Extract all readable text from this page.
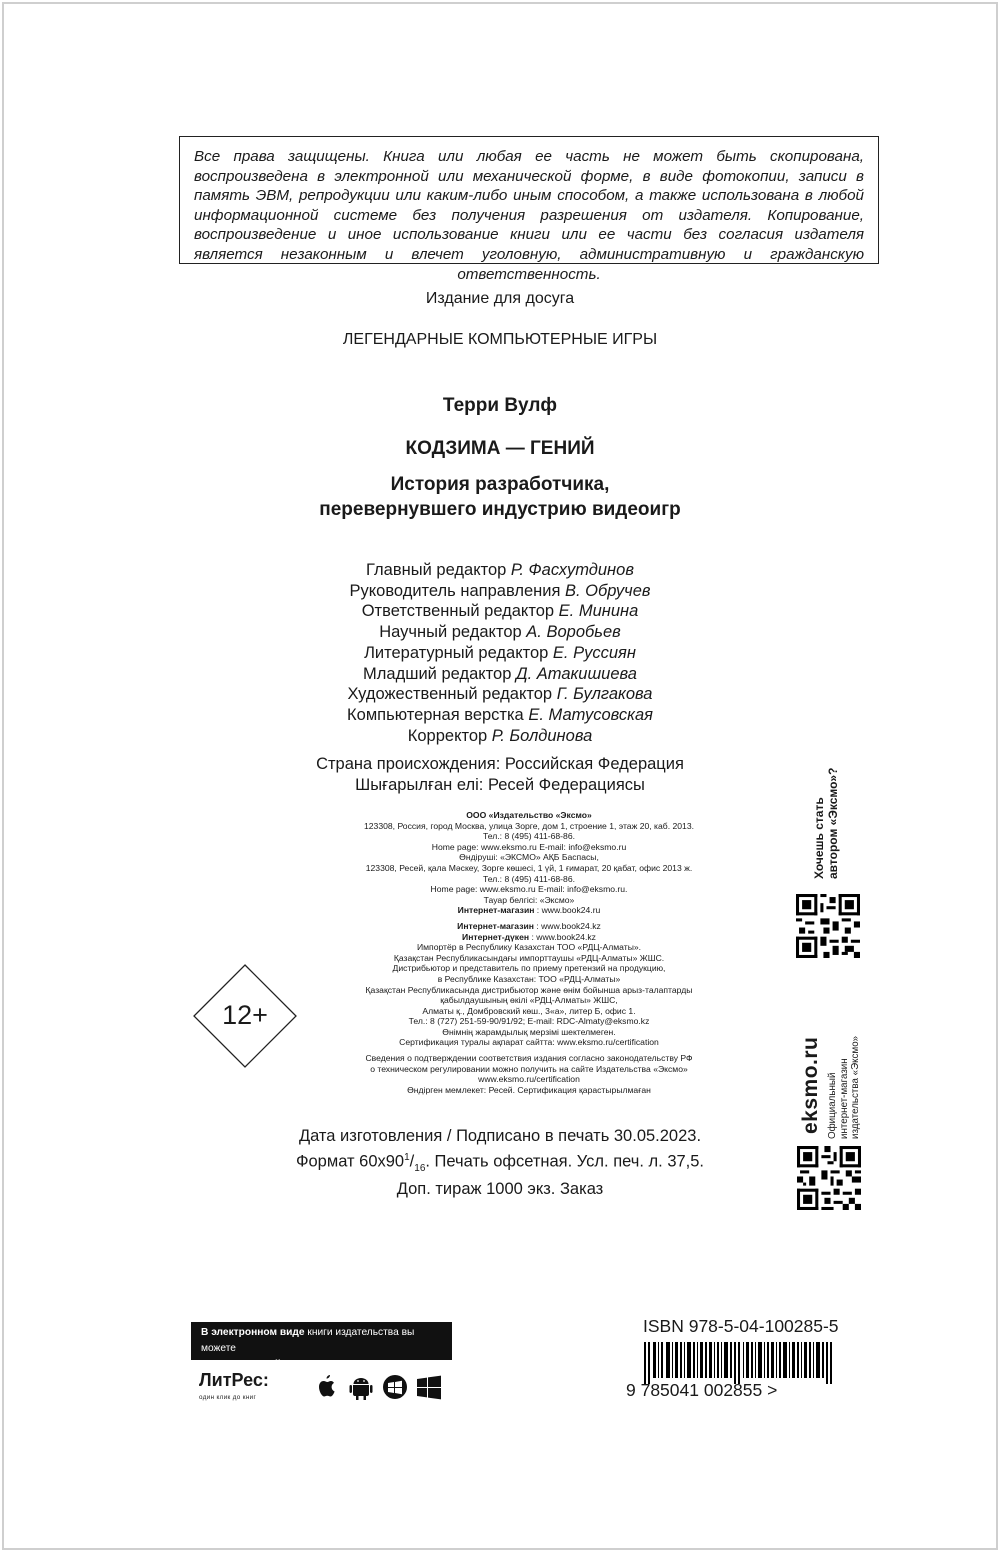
Все права защищены. Книга или любая ее часть не может быть скопирована, воспроизведена в электронной или механической форме, в виде фотокопии, записи в память ЭВМ, репродукции или каким-либо иным способом, а также использована в любой информационной системе без получения разрешения от издателя. Копирование, воспроизведение и иное использование книги или ее части без согласия издателя является незаконным и влечет уголовную, административную и гражданскую ответственность.
Издание для досуга
ЛЕГЕНДАРНЫЕ КОМПЬЮТЕРНЫЕ ИГРЫ
Терри Вулф
КОДЗИМА — ГЕНИЙ
История разработчика,
перевернувшего индустрию видеоигр
Главный редактор Р. Фасхутдинов
Руководитель направления В. Обручев
Ответственный редактор Е. Минина
Научный редактор А. Воробьев
Литературный редактор Е. Руссиян
Младший редактор Д. Атакишиева
Художественный редактор Г. Булгакова
Компьютерная верстка Е. Матусовская
Корректор Р. Болдинова
Страна происхождения: Российская Федерация
Шығарылған елі: Ресей Федерациясы
ООО «Издательство «Эксмо»
123308, Россия, город Москва, улица Зорге, дом 1, строение 1, этаж 20, каб. 2013.
Тел.: 8 (495) 411-68-86.
Home page: www.eksmo.ru E-mail: info@eksmo.ru
Өндіруші: «ЭКСМО» АҚБ Баспасы,
123308, Ресей, қала Мәскеу, Зорге көшесі, 1 үй, 1 ғимарат, 20 қабат, офис 2013 ж.
Тел.: 8 (495) 411-68-86.
Home page: www.eksmo.ru E-mail: info@eksmo.ru.
Тауар белгісі: «Эксмо»
Интернет-магазин : www.book24.ru
Интернет-магазин : www.book24.kz
Интернет-дүкен : www.book24.kz
Импортёр в Республику Казахстан ТОО «РДЦ-Алматы».
Қазақстан Республикасындағы импорттаушы «РДЦ-Алматы» ЖШС.
Дистрибьютор и представитель по приему претензий на продукцию,
в Республике Казахстан: ТОО «РДЦ-Алматы»
Қазақстан Республикасында дистрибьютор және өнім бойынша арыз-талаптарды
қабылдаушының өкілі «РДЦ-Алматы» ЖШС,
Алматы қ., Домбровский көш., 3«а», литер Б, офис 1.
Тел.: 8 (727) 251-59-90/91/92; E-mail: RDC-Almaty@eksmo.kz
Өнімнің жарамдылық мерзімі шектелмеген.
Сертификация туралы ақпарат сайтта: www.eksmo.ru/certification
Сведения о подтверждении соответствия издания согласно законодательству РФ
о техническом регулировании можно получить на сайте Издательства «Эксмо»
www.eksmo.ru/certification
Өндірген мемлекет: Ресей. Сертификация қарастырылмаған
Дата изготовления / Подписано в печать 30.05.2023.
Формат $60x90^1/_{16}$. Печать офсетная. Усл. печ. л. 37,5.
Доп. тираж 1000 экз. Заказ
12+
Хочешь стать автором «Эксмо»?
eksmo.ru Официальный интернет-магазин издательства «Эксмо»
В электронном виде книги издательства вы можете
купить на www.litres.ru
ЛитРес:
один клик до книг
ISBN 978-5-04-100285-5
9 785041 002855 >
